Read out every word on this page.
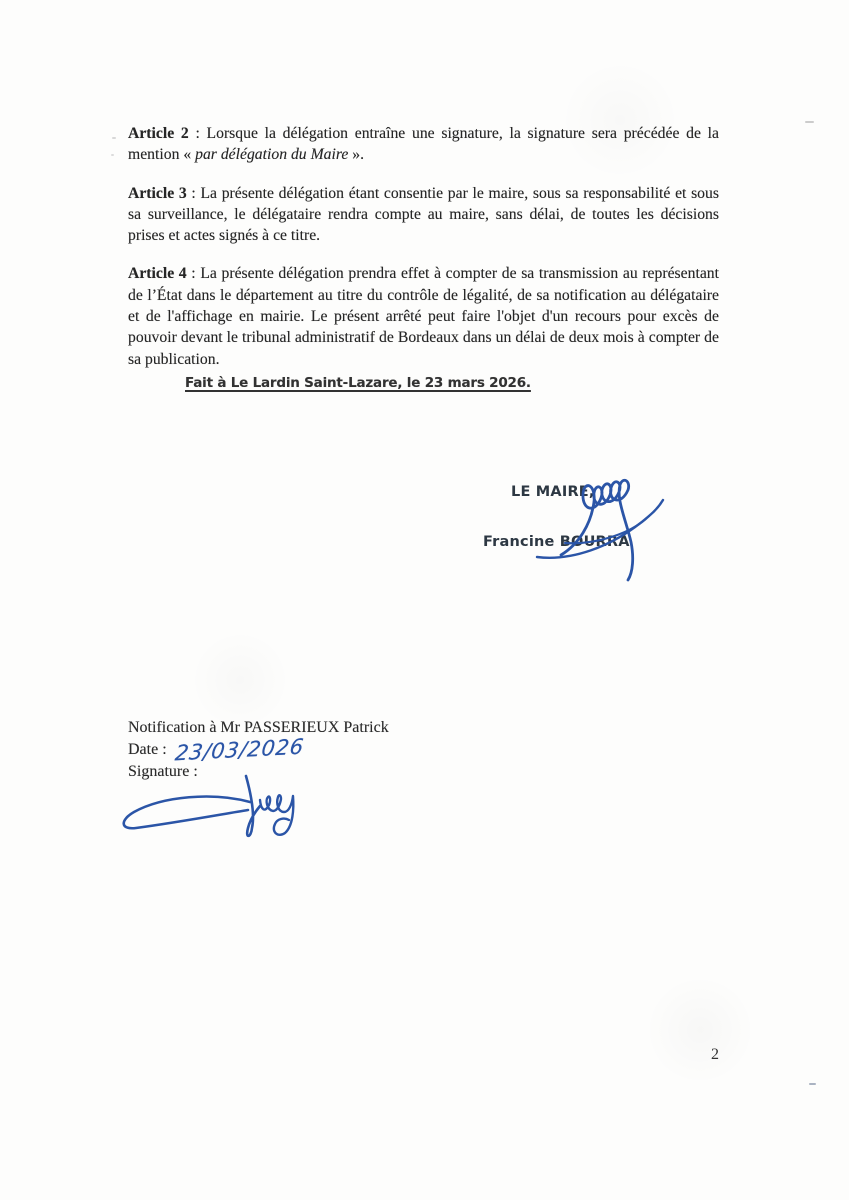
Article 2 : Lorsque la délégation entraîne une signature, la signature sera précédée de la mention « par délégation du Maire ».

Article 3 : La présente délégation étant consentie par le maire, sous sa responsabilité et sous sa surveillance, le délégataire rendra compte au maire, sans délai, de toutes les décisions prises et actes signés à ce titre.

Article 4 : La présente délégation prendra effet à compter de sa transmission au représentant de l’État dans le département au titre du contrôle de légalité, de sa notification au délégataire et de l'affichage en mairie. Le présent arrêté peut faire l'objet d'un recours pour excès de pouvoir devant le tribunal administratif de Bordeaux dans un délai de deux mois à compter de sa publication.

Fait à Le Lardin Saint-Lazare, le 23 mars 2026.
LE MAIRE,
Francine BOURRA
Notification à Mr PASSERIEUX Patrick
Date : 23/03/2026
Signature :
2
